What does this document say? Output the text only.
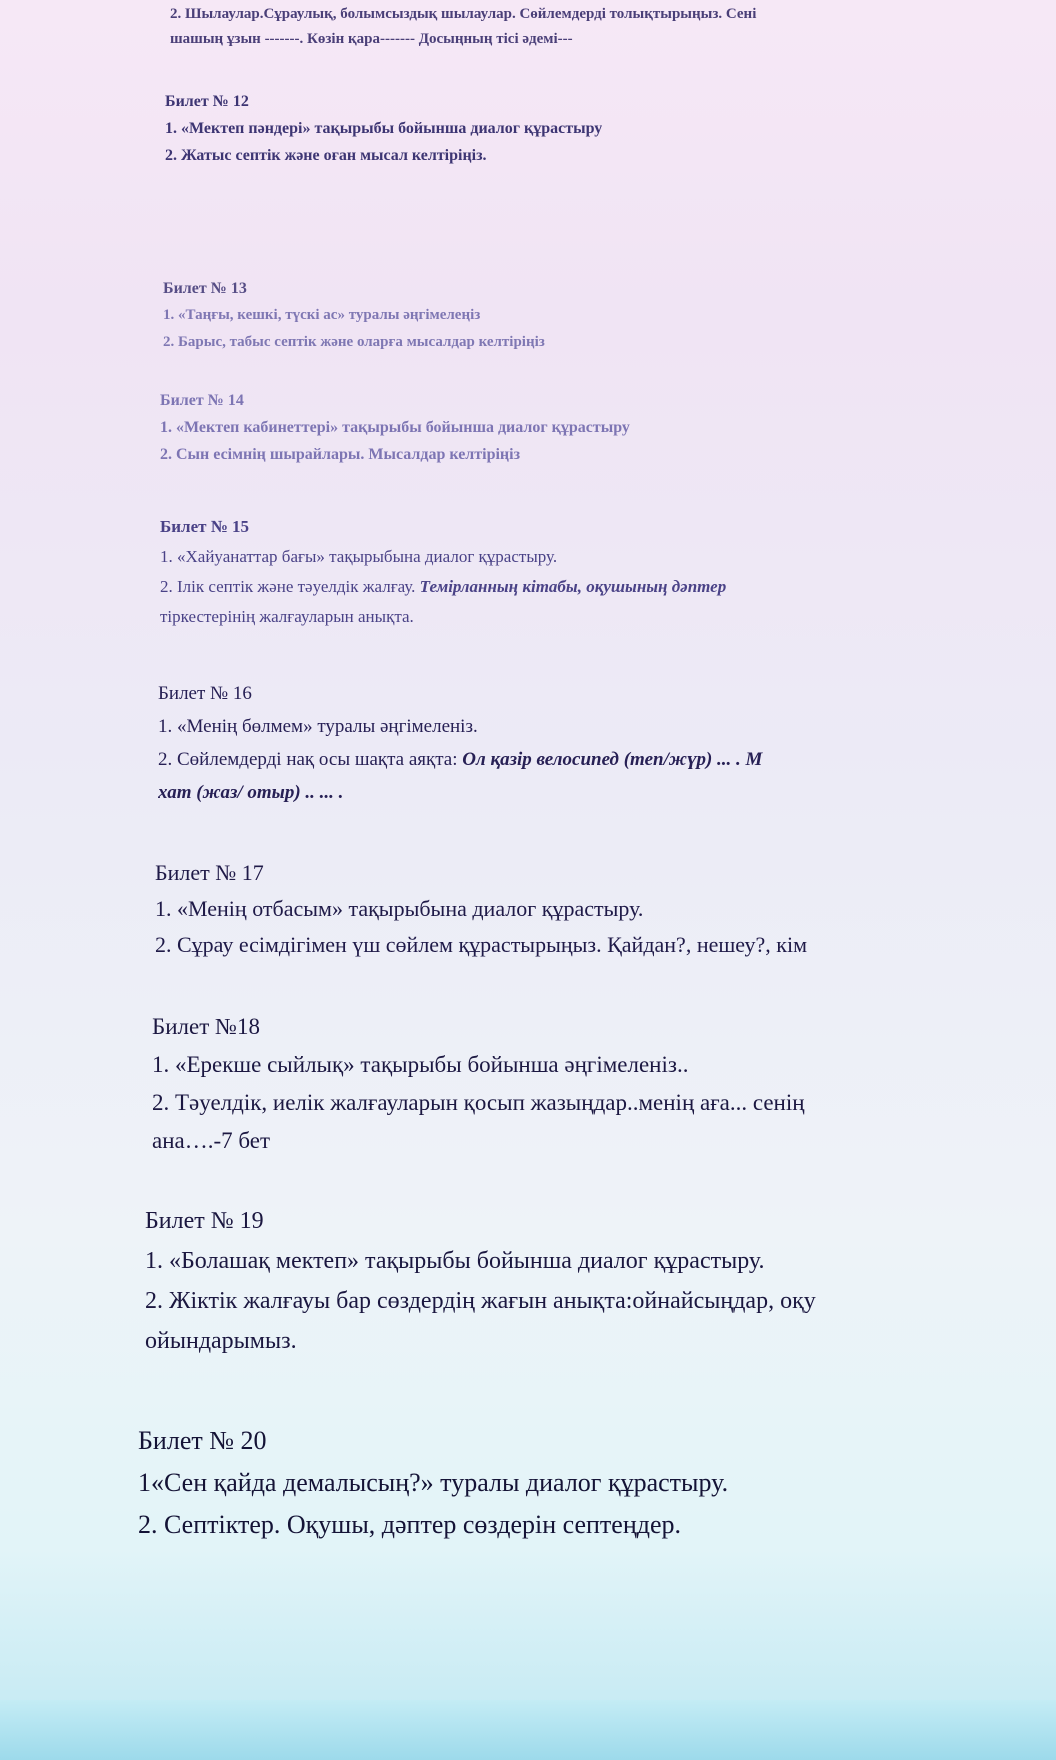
2. Шылаулар.Сұраулық, болымсыздық шылаулар. Сөйлемдерді толықтырыңыз. Сені
шашың ұзын -------. Көзін қара------- Досыңның тісі әдемі---
Билет № 12
1. «Мектеп пәндері» тақырыбы бойынша диалог құрастыру
2. Жатыс септік және оған мысал келтіріңіз.
Билет № 13
1. «Таңғы, кешкі, түскі ас» туралы әңгімелеңіз
2. Барыс, табыс септік және оларға мысалдар келтіріңіз
Билет № 14
1. «Мектеп кабинеттері» тақырыбы бойынша диалог құрастыру
2. Сын есімнің шырайлары. Мысалдар келтіріңіз
Билет № 15
1. «Хайуанаттар бағы» тақырыбына диалог құрастыру.
2. Ілік септік және тәуелдік жалғау. Темірланның кітабы, оқушының дәптер
тіркестерінің жалғауларын анықта.
Билет № 16
1. «Менің бөлмем» туралы әңгімеленіз.
2. Сөйлемдерді нақ осы шақта аяқта: Ол қазір велосипед (теп/жүр) ... . М
хат (жаз/ отыр) .. ... .
Билет № 17
1. «Менің отбасым» тақырыбына диалог құрастыру.
2. Сұрау есімдігімен үш сөйлем құрастырыңыз. Қайдан?, нешеу?, кім
Билет №18
1. «Ерекше сыйлық» тақырыбы бойынша әңгімеленіз..
2. Тәуелдік, иелік жалғауларын қосып жазыңдар..менің аға... сенің
ана….-7 бет
Билет № 19
1. «Болашақ мектеп» тақырыбы бойынша диалог құрастыру.
2. Жіктік жалғауы бар сөздердің жағын анықта:ойнайсыңдар, оқу
ойындарымыз.
Билет № 20
1«Сен қайда демалысың?» туралы диалог құрастыру.
2. Септіктер. Оқушы, дәптер сөздерін септеңдер.
